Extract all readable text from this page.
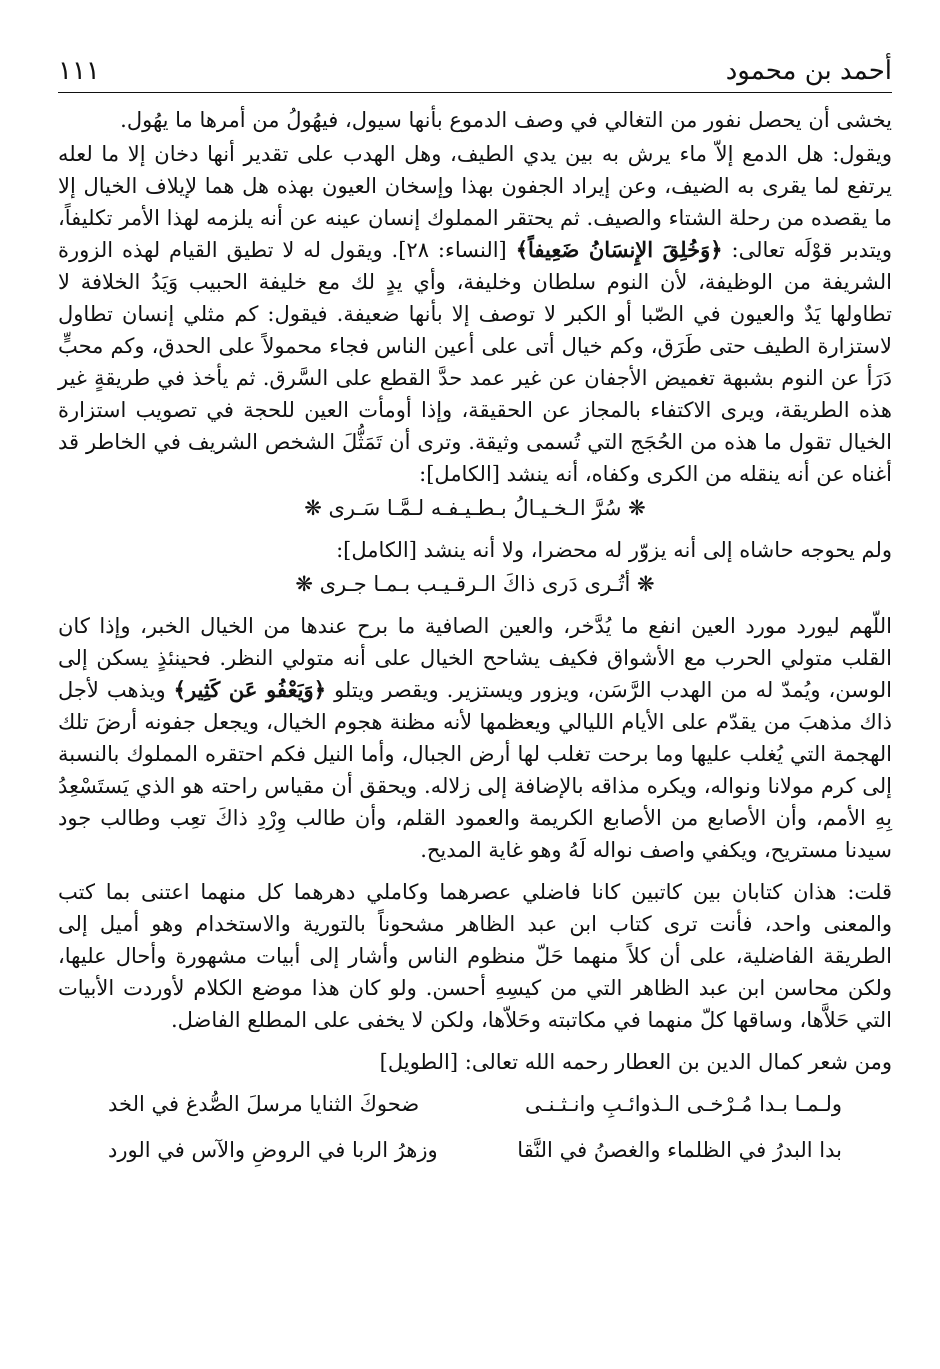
أحمد بن محمود
١١١

يخشى أن يحصل نفور من التغالي في وصف الدموع بأنها سيول، فيهُولُ من أمرها ما يهُول.

ويقول: هل الدمع إلاّ ماء يرش به بين يدي الطيف، وهل الهدب على تقدير أنها دخان إلا ما لعله يرتفع لما يقرى به الضيف، وعن إيراد الجفون بهذا وإسخان العيون بهذه هل هما لإيلاف الخيال إلا ما يقصده من رحلة الشتاء والصيف. ثم يحتقر المملوك إنسان عينه عن أنه يلزمه لهذا الأمر تكليفاً، ويتدبر قوْلَه تعالى: ﴿وَخُلِقَ الإِنسَانُ ضَعِيفاً﴾ [النساء: ٢٨]. ويقول له لا تطيق القيام لهذه الزورة الشريفة من الوظيفة، لأن النوم سلطان وخليفة، وأي يدٍ لك مع خليفة الحبيب وَيَدُ الخلافة لا تطاولها يَدٌ والعيون في الصّبا أو الكبر لا توصف إلا بأنها ضعيفة. فيقول: كم مثلي إنسان تطاول لاستزارة الطيف حتى طَرَق، وكم خيال أتى على أعين الناس فجاء محمولاً على الحدق، وكم محبٍّ دَرَأ عن النوم بشبهة تغميض الأجفان عن غير عمد حدَّ القطع على السَّرق. ثم يأخذ في طريقةٍ غير هذه الطريقة، ويرى الاكتفاء بالمجاز عن الحقيقة، وإذا أومأت العين للحجة في تصويب استزارة الخيال تقول ما هذه من الحُجَج التي تُسمى وثيقة. وترى أن تَمَثُّلَ الشخص الشريف في الخاطر قد أغناه عن أنه ينقله من الكرى وكفاه، أنه ينشد [الكامل]:

❋ سُرَّ الـخـيـالُ بـطـيـفـه لـمَّـا سَـرى ❋

ولم يحوجه حاشاه إلى أنه يزوّر له محضرا، ولا أنه ينشد [الكامل]:

❋ أتُـرى دَرى ذاكَ الـرقـيـب بـمـا جـرى ❋

اللّهم ليورد مورد العين انفع ما يُدَّخر، والعين الصافية ما برح عندها من الخيال الخبر، وإذا كان القلب متولي الحرب مع الأشواق فكيف يشاحح الخيال على أنه متولي النظر. فحينئذٍ يسكن إلى الوسن، ويُمدّ له من الهدب الرَّسَن، ويزور ويستزير. ويقصر ويتلو ﴿وَيَعْفُو عَن كَثِير﴾ ويذهب لأجل ذاك مذهبَ من يقدّم على الأيام الليالي ويعظمها لأنه مظنة هجوم الخيال، ويجعل جفونه أرضَ تلك الهجمة التي يُغلب عليها وما برحت تغلب لها أرض الجبال، وأما النيل فكم احتقره المملوك بالنسبة إلى كرم مولانا ونواله، ويكره مذاقه بالإضافة إلى زلاله. ويحقق أن مقياس راحته هو الذي يَستَسْعِدُ بِهِ الأمم، وأن الأصابع من الأصابع الكريمة والعمود القلم، وأن طالب وِرْدِ ذاكَ تعِب وطالب جود سيدنا مستريح، ويكفي واصف نواله لَهُ وهو غاية المديح.

قلت: هذان كتابان بين كاتبين كانا فاضلي عصرهما وكاملي دهرهما كل منهما اعتنى بما كتب والمعنى واحد، فأنت ترى كتاب ابن عبد الظاهر مشحوناً بالتورية والاستخدام وهو أميل إلى الطريقة الفاضلية، على أن كلاً منهما حَلّ منظوم الناس وأشار إلى أبيات مشهورة وأحال عليها، ولكن محاسن ابن عبد الظاهر التي من كيسِهِ أحسن. ولو كان هذا موضع الكلام لأوردت الأبيات التي حَلاَّها، وساقها كلّ منهما في مكاتبته وحَلاّها، ولكن لا يخفى على المطلع الفاضل.

ومن شعر كمال الدين بن العطار رحمه الله تعالى: [الطويل]

ولـمـا بـدا مُـرْخـى الـذوائـبِ وانـثـنـى
ضحوكَ الثنايا مرسلَ الصُّدغ في الخد
بدا البدرُ في الظلماء والغصنُ في النَّقا
وزهرُ الربا في الروضِ والآس في الورد
